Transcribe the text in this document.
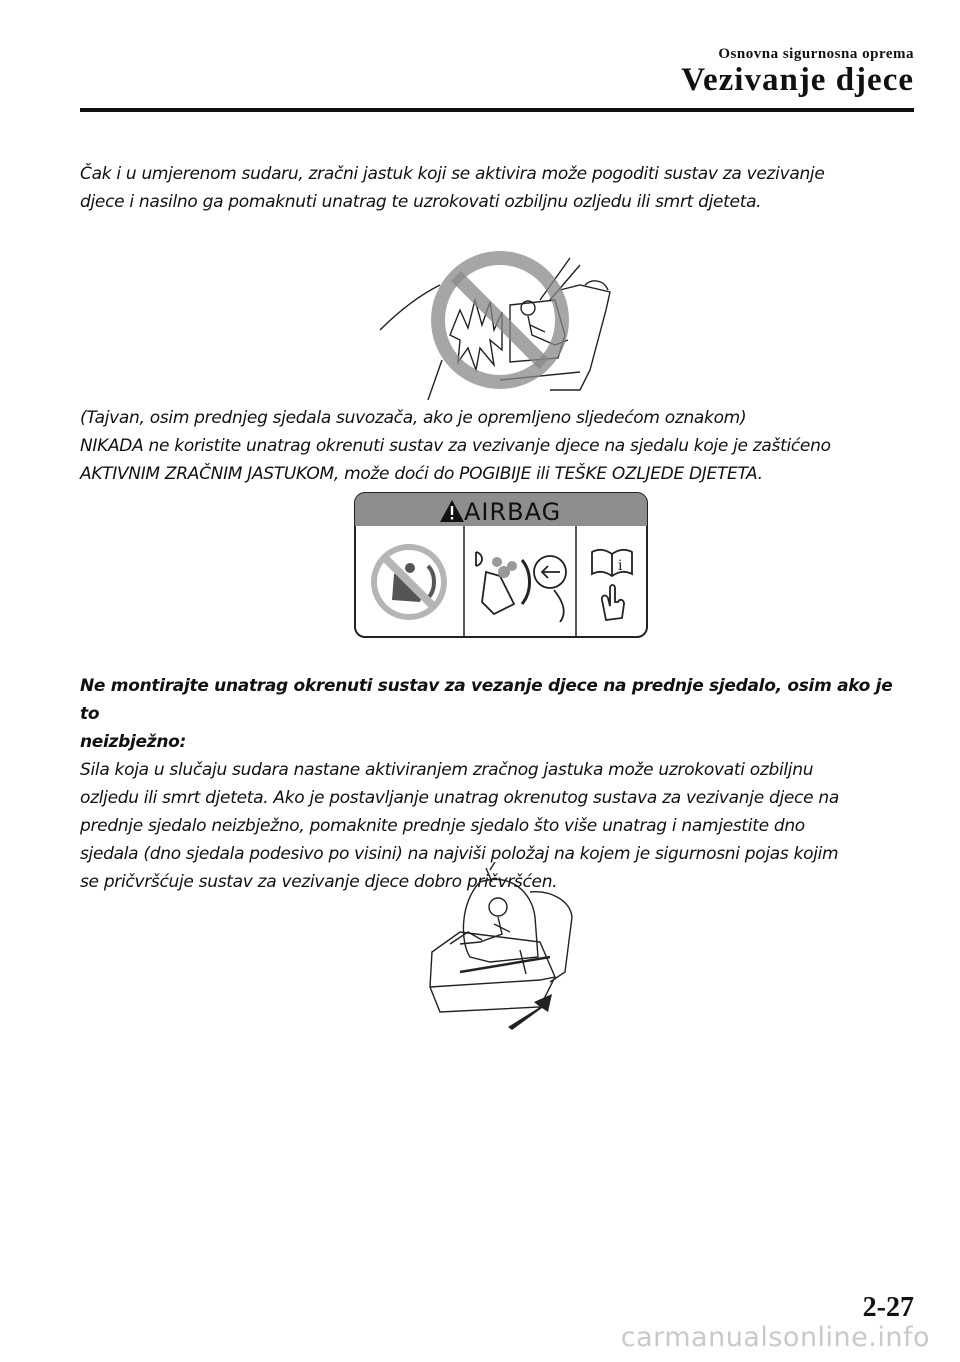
Osnovna sigurnosna oprema
Vezivanje djece

Čak i u umjerenom sudaru, zračni jastuk koji se aktivira može pogoditi sustav za vezivanje

djece i nasilno ga pomaknuti unatrag te uzrokovati ozbiljnu ozljedu ili smrt djeteta.

(Tajvan, osim prednjeg sjedala suvozača, ako je opremljeno sljedećom oznakom)

NIKADA ne koristite unatrag okrenuti sustav za vezivanje djece na sjedalu koje je zaštićeno

AKTIVNIM ZRAČNIM JASTUKOM, može doći do POGIBIJE ili TEŠKE OZLJEDE DJETETA.

AIRBAG
i

Ne montirajte unatrag okrenuti sustav za vezanje djece na prednje sjedalo, osim ako je to

neizbježno:

Sila koja u slučaju sudara nastane aktiviranjem zračnog jastuka može uzrokovati ozbiljnu

ozljedu ili smrt djeteta. Ako je postavljanje unatrag okrenutog sustava za vezivanje djece na

prednje sjedalo neizbježno, pomaknite prednje sjedalo što više unatrag i namjestite dno

sjedala (dno sjedala podesivo po visini) na najviši položaj na kojem je sigurnosni pojas kojim

se pričvršćuje sustav za vezivanje djece dobro pričvršćen.

2-27
carmanualsonline.info
